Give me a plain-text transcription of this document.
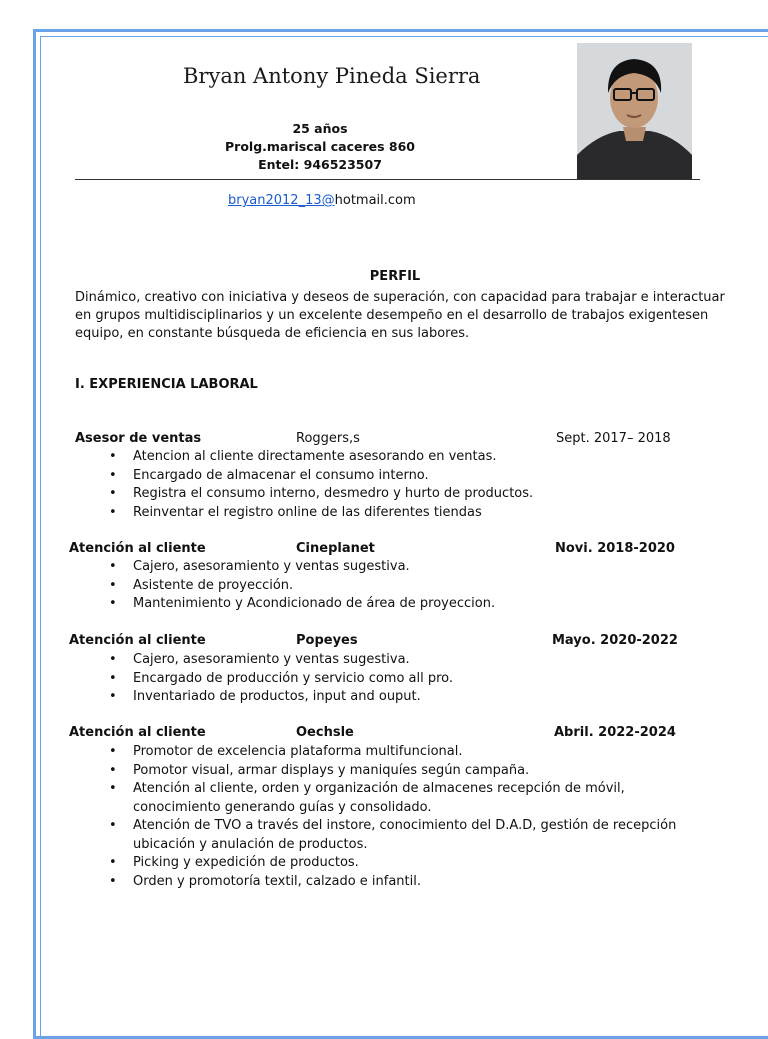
Bryan Antony Pineda Sierra
25 años
Prolg.mariscal caceres 860
Entel: 946523507
bryan2012_13@hotmail.com
PERFIL
Dinámico, creativo con iniciativa y deseos de superación, con capacidad para trabajar e interactuar en grupos multidisciplinarios y un excelente desempeño en el desarrollo de trabajos exigentesen equipo, en constante búsqueda de eficiencia en sus labores.
I. EXPERIENCIA LABORAL
Asesor de ventas	Roggers,s	Sept. 2017– 2018
• Atencion al cliente directamente asesorando en ventas.
• Encargado de almacenar el consumo interno.
• Registra el consumo interno, desmedro y hurto de productos.
• Reinventar el registro online de las diferentes tiendas
Atención al cliente	Cineplanet	Novi. 2018-2020
• Cajero, asesoramiento y ventas sugestiva.
• Asistente de proyección.
• Mantenimiento y Acondicionado de área de proyeccion.
Atención al cliente	Popeyes	Mayo. 2020-2022
• Cajero, asesoramiento y ventas sugestiva.
• Encargado de producción y servicio como all pro.
• Inventariado de productos, input and ouput.
Atención al cliente	Oechsle	Abril. 2022-2024
• Promotor de excelencia plataforma multifuncional.
• Pomotor visual, armar displays y maniquíes según campaña.
• Atención al cliente, orden y organización de almacenes recepción de móvil, conocimiento generando guías y consolidado.
• Atención de TVO a través del instore, conocimiento del D.A.D, gestión de recepción ubicación y anulación de productos.
• Picking y expedición de productos.
• Orden y promotoría textil, calzado e infantil.
